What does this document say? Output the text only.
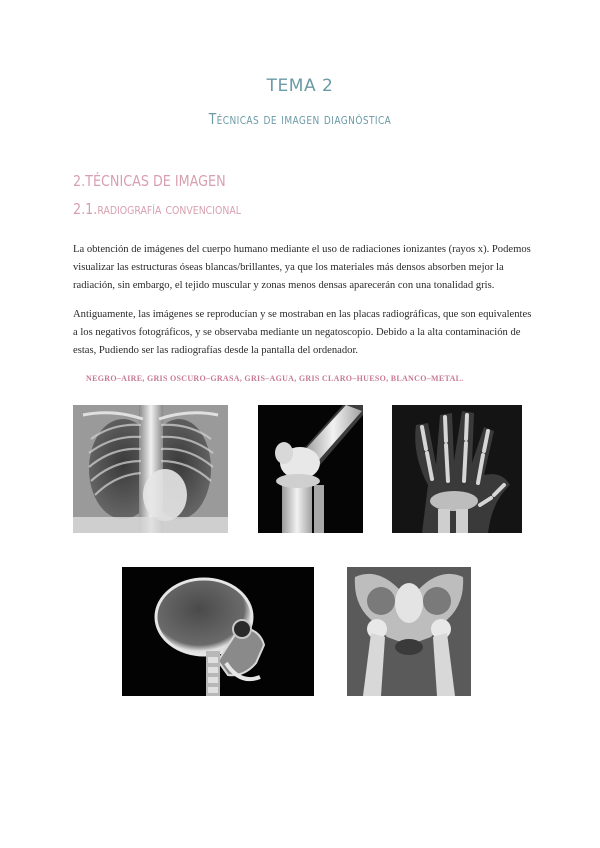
TEMA 2
Técnicas de imagen diagnóstica
2.TÉCNICAS DE IMAGEN
2.1.radiografía convencional

La obtención de imágenes del cuerpo humano mediante el uso de radiaciones ionizantes (rayos x). Podemos visualizar las estructuras óseas blancas/brillantes, ya que los materiales más densos absorben mejor la radiación, sin embargo, el tejido muscular y zonas menos densas aparecerán con una tonalidad gris.

Antiguamente, las imágenes se reproducían y se mostraban en las placas radiográficas, que son equivalentes a los negativos fotográficos, y se observaba mediante un negatoscopio. Debido a la alta contaminación de estas, Pudiendo ser las radiografías desde la pantalla del ordenador.

NEGRO–AIRE, GRIS OSCURO–GRASA, GRIS–AGUA, GRIS CLARO–HUESO, BLANCO–METAL.
